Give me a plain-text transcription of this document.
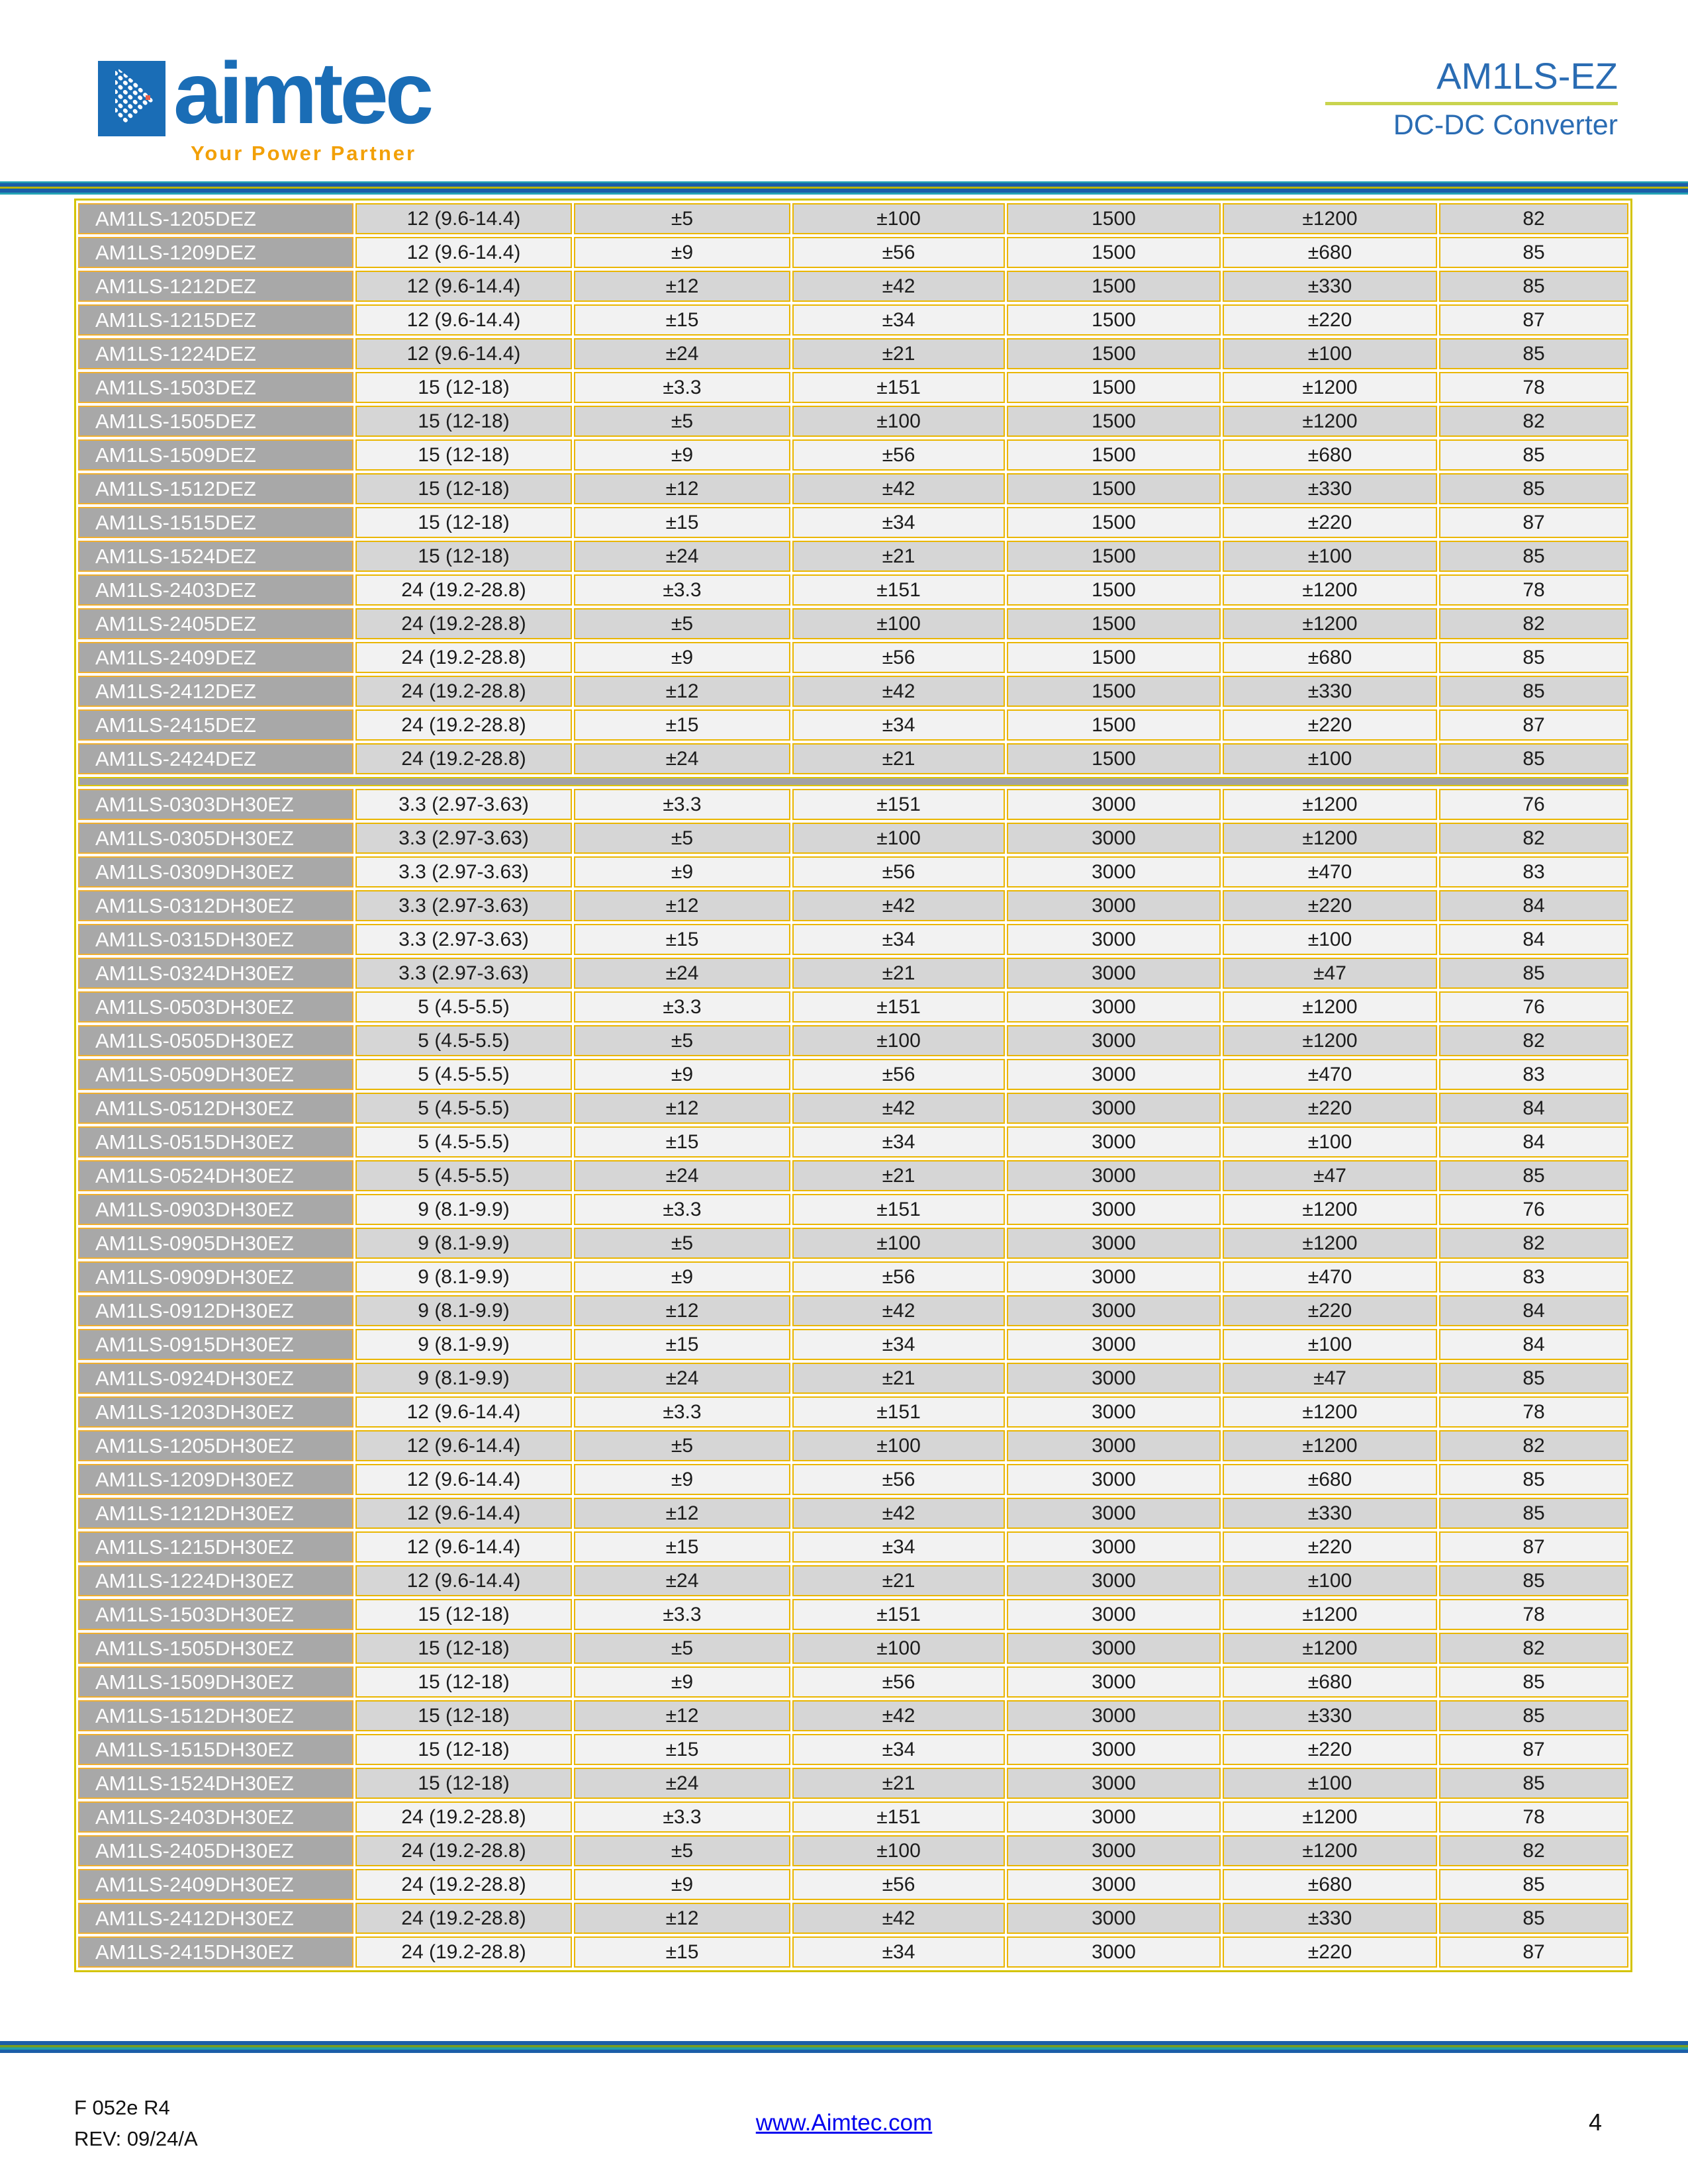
aimtec
Your Power Partner
AM1LS-EZ
DC-DC Converter
AM1LS-1205DEZ	12 (9.6-14.4)	±5	±100	1500	±1200	82
AM1LS-1209DEZ	12 (9.6-14.4)	±9	±56	1500	±680	85
AM1LS-1212DEZ	12 (9.6-14.4)	±12	±42	1500	±330	85
AM1LS-1215DEZ	12 (9.6-14.4)	±15	±34	1500	±220	87
AM1LS-1224DEZ	12 (9.6-14.4)	±24	±21	1500	±100	85
AM1LS-1503DEZ	15 (12-18)	±3.3	±151	1500	±1200	78
AM1LS-1505DEZ	15 (12-18)	±5	±100	1500	±1200	82
AM1LS-1509DEZ	15 (12-18)	±9	±56	1500	±680	85
AM1LS-1512DEZ	15 (12-18)	±12	±42	1500	±330	85
AM1LS-1515DEZ	15 (12-18)	±15	±34	1500	±220	87
AM1LS-1524DEZ	15 (12-18)	±24	±21	1500	±100	85
AM1LS-2403DEZ	24 (19.2-28.8)	±3.3	±151	1500	±1200	78
AM1LS-2405DEZ	24 (19.2-28.8)	±5	±100	1500	±1200	82
AM1LS-2409DEZ	24 (19.2-28.8)	±9	±56	1500	±680	85
AM1LS-2412DEZ	24 (19.2-28.8)	±12	±42	1500	±330	85
AM1LS-2415DEZ	24 (19.2-28.8)	±15	±34	1500	±220	87
AM1LS-2424DEZ	24 (19.2-28.8)	±24	±21	1500	±100	85

AM1LS-0303DH30EZ	3.3 (2.97-3.63)	±3.3	±151	3000	±1200	76
AM1LS-0305DH30EZ	3.3 (2.97-3.63)	±5	±100	3000	±1200	82
AM1LS-0309DH30EZ	3.3 (2.97-3.63)	±9	±56	3000	±470	83
AM1LS-0312DH30EZ	3.3 (2.97-3.63)	±12	±42	3000	±220	84
AM1LS-0315DH30EZ	3.3 (2.97-3.63)	±15	±34	3000	±100	84
AM1LS-0324DH30EZ	3.3 (2.97-3.63)	±24	±21	3000	±47	85
AM1LS-0503DH30EZ	5 (4.5-5.5)	±3.3	±151	3000	±1200	76
AM1LS-0505DH30EZ	5 (4.5-5.5)	±5	±100	3000	±1200	82
AM1LS-0509DH30EZ	5 (4.5-5.5)	±9	±56	3000	±470	83
AM1LS-0512DH30EZ	5 (4.5-5.5)	±12	±42	3000	±220	84
AM1LS-0515DH30EZ	5 (4.5-5.5)	±15	±34	3000	±100	84
AM1LS-0524DH30EZ	5 (4.5-5.5)	±24	±21	3000	±47	85
AM1LS-0903DH30EZ	9 (8.1-9.9)	±3.3	±151	3000	±1200	76
AM1LS-0905DH30EZ	9 (8.1-9.9)	±5	±100	3000	±1200	82
AM1LS-0909DH30EZ	9 (8.1-9.9)	±9	±56	3000	±470	83
AM1LS-0912DH30EZ	9 (8.1-9.9)	±12	±42	3000	±220	84
AM1LS-0915DH30EZ	9 (8.1-9.9)	±15	±34	3000	±100	84
AM1LS-0924DH30EZ	9 (8.1-9.9)	±24	±21	3000	±47	85
AM1LS-1203DH30EZ	12 (9.6-14.4)	±3.3	±151	3000	±1200	78
AM1LS-1205DH30EZ	12 (9.6-14.4)	±5	±100	3000	±1200	82
AM1LS-1209DH30EZ	12 (9.6-14.4)	±9	±56	3000	±680	85
AM1LS-1212DH30EZ	12 (9.6-14.4)	±12	±42	3000	±330	85
AM1LS-1215DH30EZ	12 (9.6-14.4)	±15	±34	3000	±220	87
AM1LS-1224DH30EZ	12 (9.6-14.4)	±24	±21	3000	±100	85
AM1LS-1503DH30EZ	15 (12-18)	±3.3	±151	3000	±1200	78
AM1LS-1505DH30EZ	15 (12-18)	±5	±100	3000	±1200	82
AM1LS-1509DH30EZ	15 (12-18)	±9	±56	3000	±680	85
AM1LS-1512DH30EZ	15 (12-18)	±12	±42	3000	±330	85
AM1LS-1515DH30EZ	15 (12-18)	±15	±34	3000	±220	87
AM1LS-1524DH30EZ	15 (12-18)	±24	±21	3000	±100	85
AM1LS-2403DH30EZ	24 (19.2-28.8)	±3.3	±151	3000	±1200	78
AM1LS-2405DH30EZ	24 (19.2-28.8)	±5	±100	3000	±1200	82
AM1LS-2409DH30EZ	24 (19.2-28.8)	±9	±56	3000	±680	85
AM1LS-2412DH30EZ	24 (19.2-28.8)	±12	±42	3000	±330	85
AM1LS-2415DH30EZ	24 (19.2-28.8)	±15	±34	3000	±220	87
F 052e R4
REV: 09/24/A
www.Aimtec.com	4
